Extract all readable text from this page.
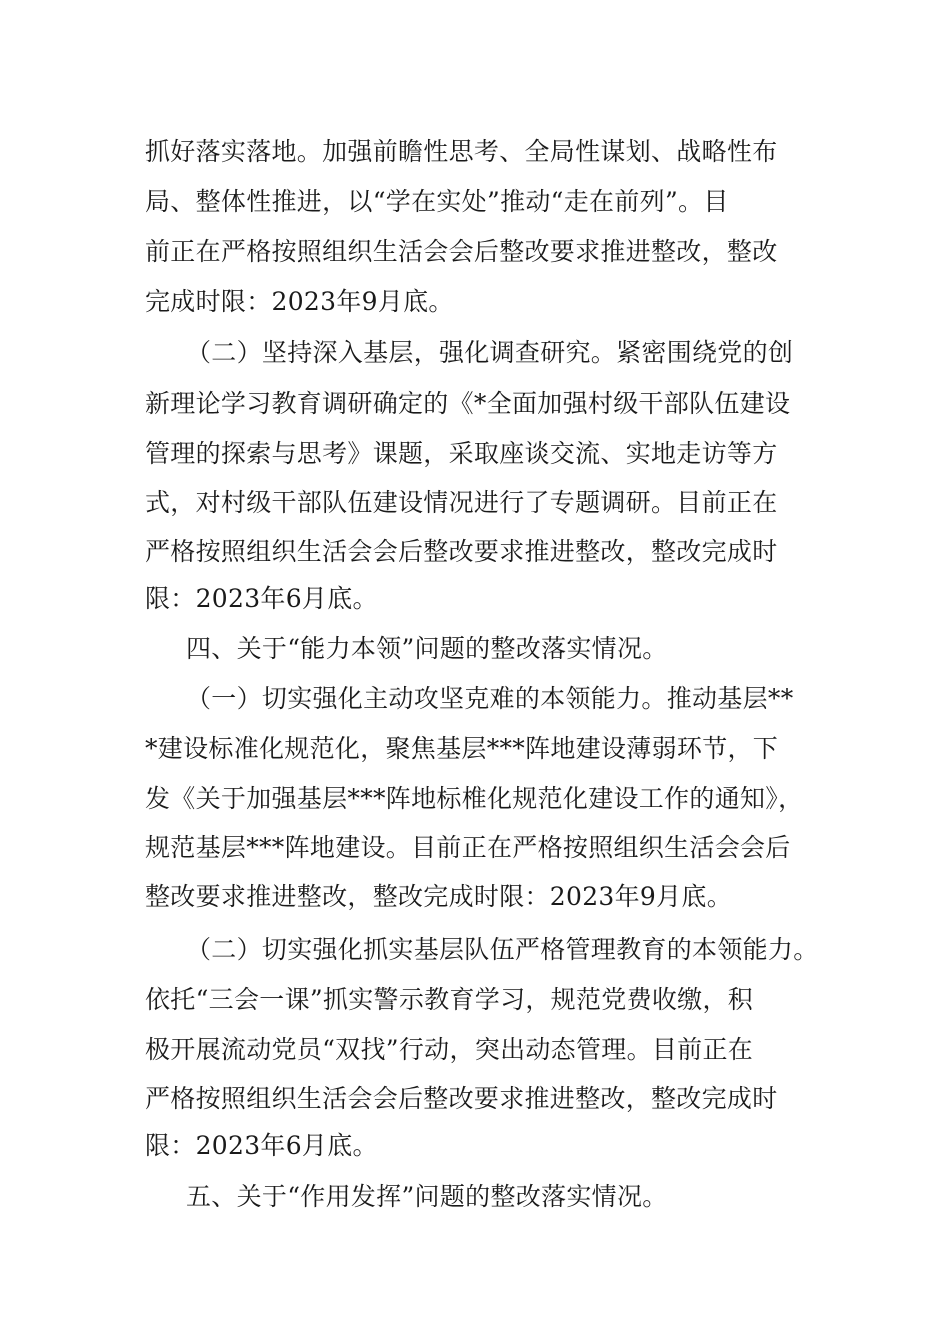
抓好落实落地。加强前瞻性思考、全局性谋划、战略性布
局、整体性推进，以“学在实处”推动“走在前列”。目
前正在严格按照组织生活会会后整改要求推进整改，整改
完成时限：2023年9月底。
（二）坚持深入基层，强化调查研究。紧密围绕党的创
新理论学习教育调研确定的《*全面加强村级干部队伍建设
管理的探索与思考》课题，采取座谈交流、实地走访等方
式，对村级干部队伍建设情况进行了专题调研。目前正在
严格按照组织生活会会后整改要求推进整改，整改完成时
限：2023年6月底。
四、关于“能力本领”问题的整改落实情况。
（一）切实强化主动攻坚克难的本领能力。推动基层**
*建设标准化规范化，聚焦基层***阵地建设薄弱环节，下
发《关于加强基层***阵地标椎化规范化建设工作的通知》，
规范基层***阵地建设。目前正在严格按照组织生活会会后
整改要求推进整改，整改完成时限：2023年9月底。
（二）切实强化抓实基层队伍严格管理教育的本领能力。
依托“三会一课”抓实警示教育学习，规范党费收缴，积
极开展流动党员“双找”行动，突出动态管理。目前正在
严格按照组织生活会会后整改要求推进整改，整改完成时
限：2023年6月底。
五、关于“作用发挥”问题的整改落实情况。
